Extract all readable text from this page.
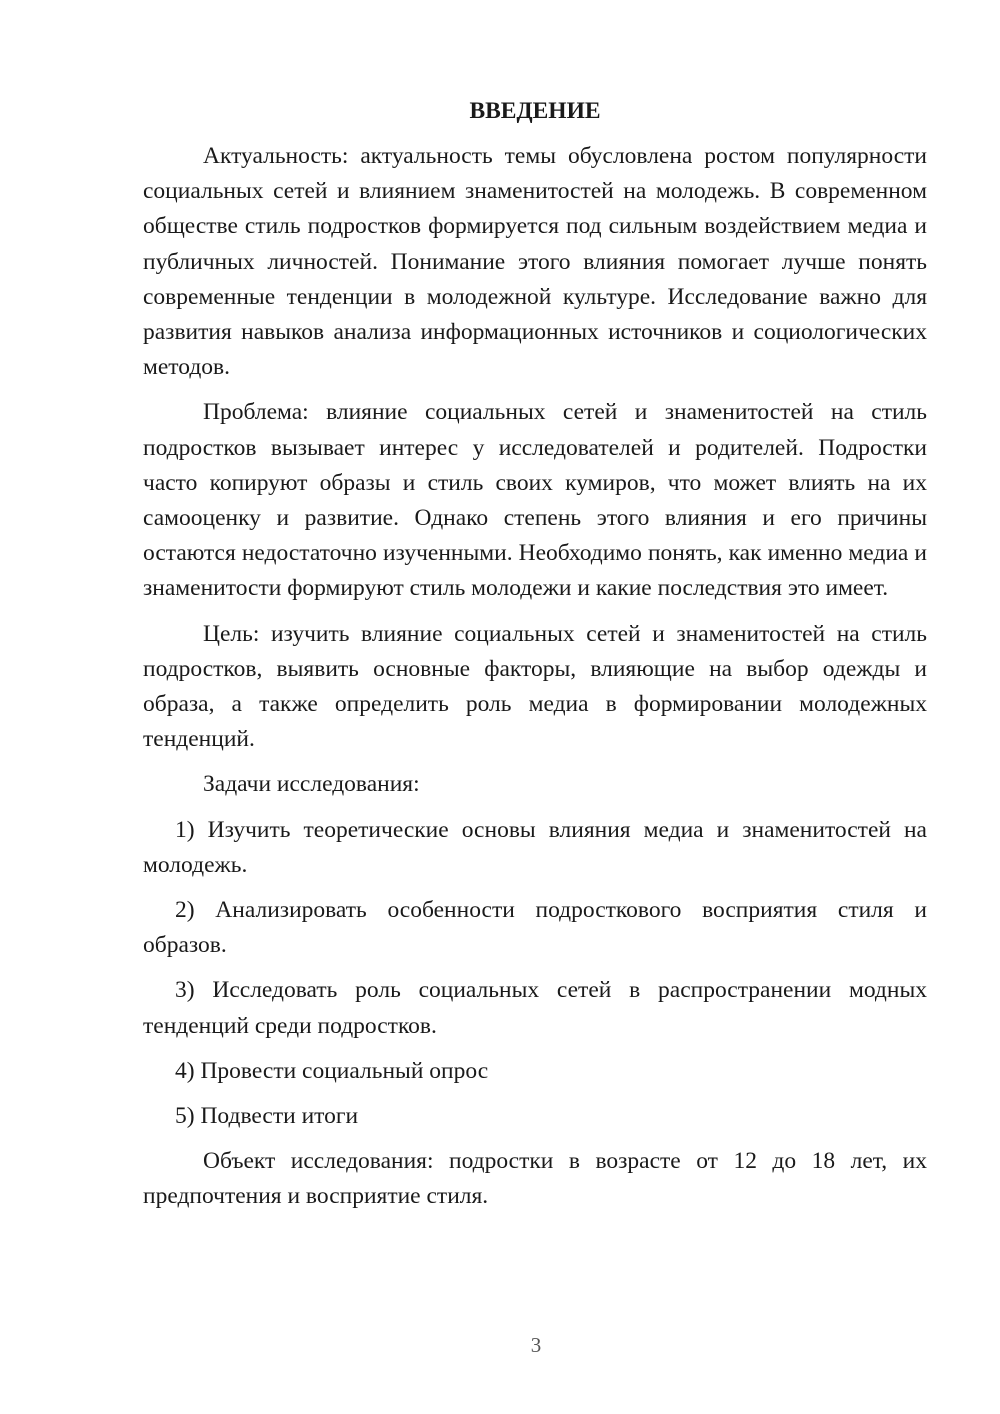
ВВЕДЕНИЕ

Актуальность: актуальность темы обусловлена ростом популярности социальных сетей и влиянием знаменитостей на молодежь. В современном обществе стиль подростков формируется под сильным воздействием медиа и публичных личностей. Понимание этого влияния помогает лучше понять современные тенденции в молодежной культуре. Исследование важно для развития навыков анализа информационных источников и социологических методов.

Проблема: влияние социальных сетей и знаменитостей на стиль подростков вызывает интерес у исследователей и родителей. Подростки часто копируют образы и стиль своих кумиров, что может влиять на их самооценку и развитие. Однако степень этого влияния и его причины остаются недостаточно изученными. Необходимо понять, как именно медиа и знаменитости формируют стиль молодежи и какие последствия это имеет.

Цель: изучить влияние социальных сетей и знаменитостей на стиль подростков, выявить основные факторы, влияющие на выбор одежды и образа, а также определить роль медиа в формировании молодежных тенденций.

Задачи исследования:

1) Изучить теоретические основы влияния медиа и знаменитостей на молодежь.

2) Анализировать особенности подросткового восприятия стиля и образов.

3) Исследовать роль социальных сетей в распространении модных тенденций среди подростков.

4) Провести социальный опрос

5) Подвести итоги

Объект исследования: подростки в возрасте от 12 до 18 лет, их предпочтения и восприятие стиля.

3
